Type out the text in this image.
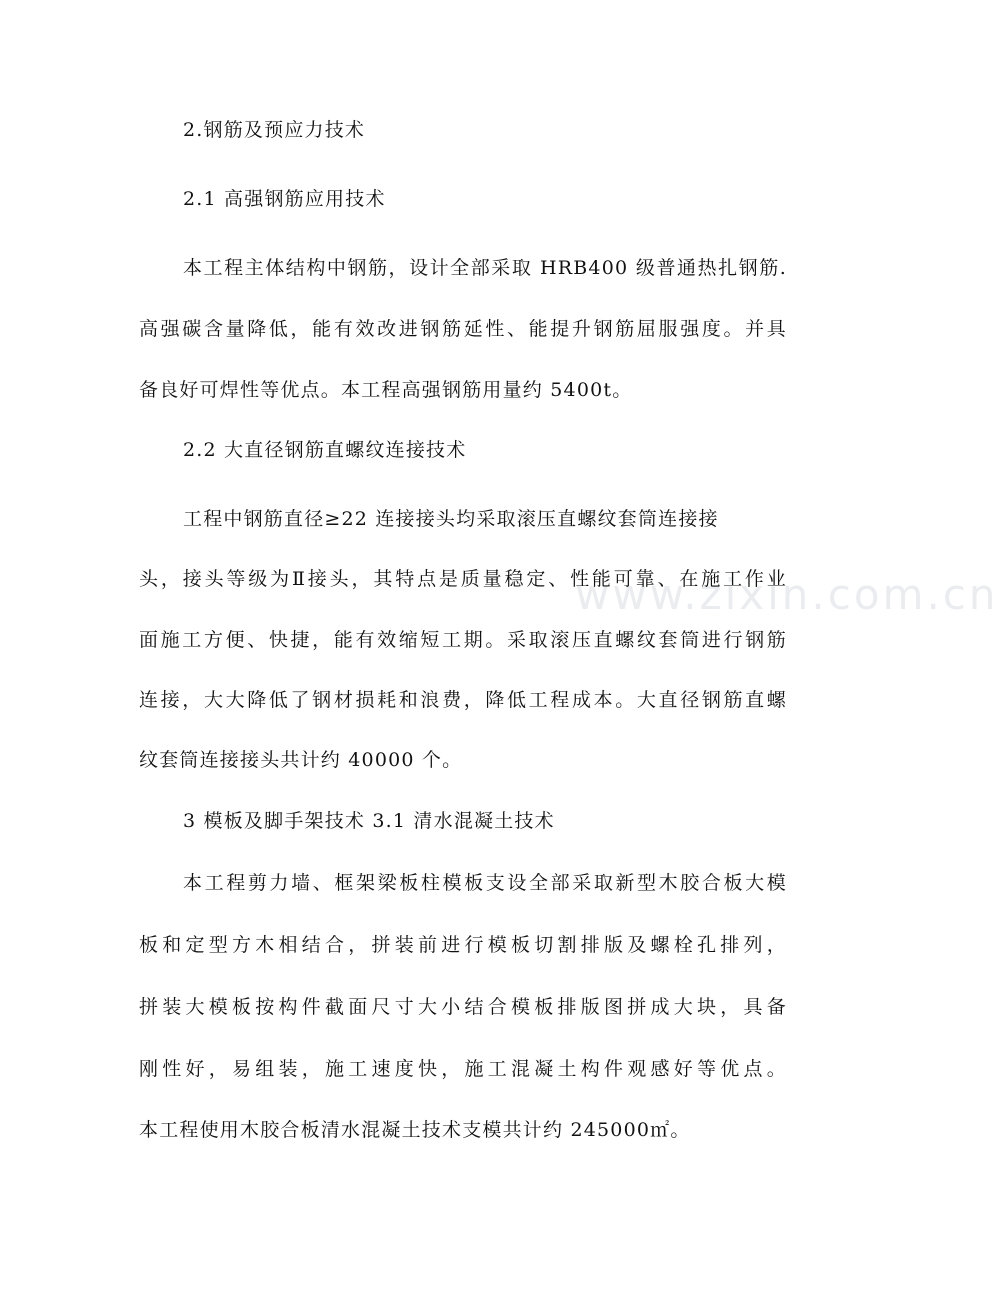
www.zixin.com.cn
2.钢筋及预应力技术
2.1 高强钢筋应用技术
本工程主体结构中钢筋，设计全部采取 HRB400 级普通热扎钢筋.
高强碳含量降低，能有效改进钢筋延性、能提升钢筋屈服强度。并具
备良好可焊性等优点。本工程高强钢筋用量约 5400t。
2.2 大直径钢筋直螺纹连接技术
工程中钢筋直径≥22 连接接头均采取滚压直螺纹套筒连接接
头，接头等级为Ⅱ接头，其特点是质量稳定、性能可靠、在施工作业
面施工方便、快捷，能有效缩短工期。采取滚压直螺纹套筒进行钢筋
连接，大大降低了钢材损耗和浪费，降低工程成本。大直径钢筋直螺
纹套筒连接接头共计约 40000 个。
3 模板及脚手架技术 3.1 清水混凝土技术
本工程剪力墙、框架梁板柱模板支设全部采取新型木胶合板大模
板和定型方木相结合，拼装前进行模板切割排版及螺栓孔排列，
拼装大模板按构件截面尺寸大小结合模板排版图拼成大块，具备
刚性好，易组装，施工速度快，施工混凝土构件观感好等优点。
本工程使用木胶合板清水混凝土技术支模共计约 245000㎡。
